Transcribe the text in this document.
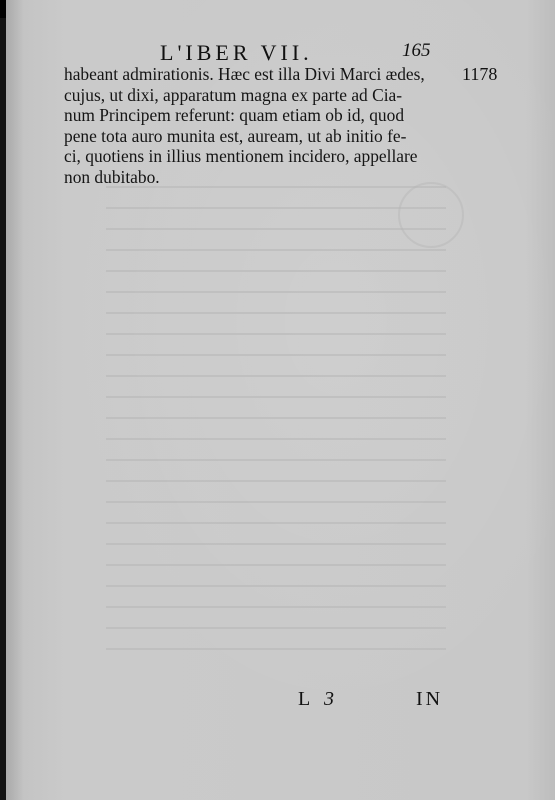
L'IBER VII.	165
1178
habeant admirationis. Hæc est illa Divi Marci ædes,
cujus, ut dixi, apparatum magna ex parte ad Cia-
num Principem referunt: quam etiam ob id, quod
pene tota auro munita est, auream, ut ab initio fe-
ci, quotiens in illius mentionem incidero, appellare
non dubitabo.
L 3	IN
